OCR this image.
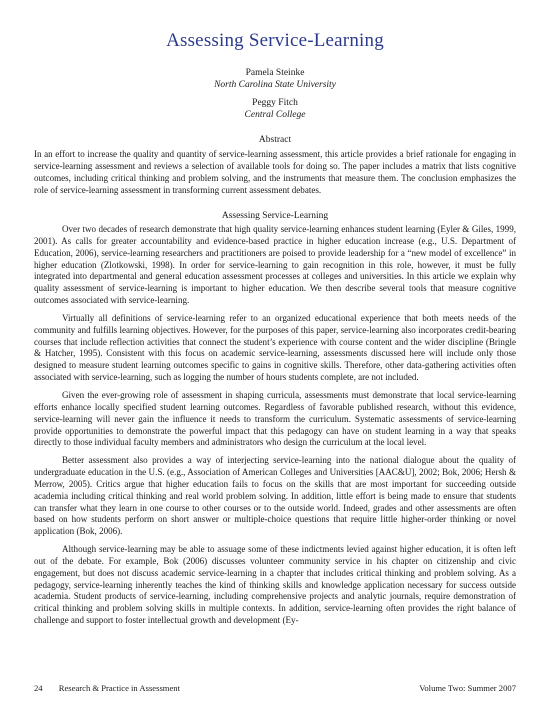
Assessing Service-Learning
Pamela Steinke
North Carolina State University
Peggy Fitch
Central College
Abstract

In an effort to increase the quality and quantity of service-learning assessment, this article provides a brief rationale for engaging in service-learning assessment and reviews a selection of available tools for doing so. The paper includes a matrix that lists cognitive outcomes, including critical thinking and problem solving, and the instruments that measure them. The conclusion emphasizes the role of service-learning assessment in transforming current assessment debates.

Assessing Service-Learning

Over two decades of research demonstrate that high quality service-learning enhances student learning (Eyler & Giles, 1999, 2001). As calls for greater accountability and evidence-based practice in higher education increase (e.g., U.S. Department of Education, 2006), service-learning researchers and practitioners are poised to provide leadership for a “new model of excellence” in higher education (Zlotkowski, 1998). In order for service-learning to gain recognition in this role, however, it must be fully integrated into departmental and general education assessment processes at colleges and universities. In this article we explain why quality assessment of service-learning is important to higher education. We then describe several tools that measure cognitive outcomes associated with service-learning.

Virtually all definitions of service-learning refer to an organized educational experience that both meets needs of the community and fulfills learning objectives. However, for the purposes of this paper, service-learning also incorporates credit-bearing courses that include reflection activities that connect the student’s experience with course content and the wider discipline (Bringle & Hatcher, 1995). Consistent with this focus on academic service-learning, assessments discussed here will include only those designed to measure student learning outcomes specific to gains in cognitive skills. Therefore, other data-gathering activities often associated with service-learning, such as logging the number of hours students complete, are not included.

Given the ever-growing role of assessment in shaping curricula, assessments must demonstrate that local service-learning efforts enhance locally specified student learning outcomes. Regardless of favorable published research, without this evidence, service-learning will never gain the influence it needs to transform the curriculum. Systematic assessments of service-learning provide opportunities to demonstrate the powerful impact that this pedagogy can have on student learning in a way that speaks directly to those individual faculty members and administrators who design the curriculum at the local level.

Better assessment also provides a way of interjecting service-learning into the national dialogue about the quality of undergraduate education in the U.S. (e.g., Association of American Colleges and Universities [AAC&U], 2002; Bok, 2006; Hersh & Merrow, 2005). Critics argue that higher education fails to focus on the skills that are most important for succeeding outside academia including critical thinking and real world problem solving. In addition, little effort is being made to ensure that students can transfer what they learn in one course to other courses or to the outside world. Indeed, grades and other assessments are often based on how students perform on short answer or multiple-choice questions that require little higher-order thinking or novel application (Bok, 2006).

Although service-learning may be able to assuage some of these indictments levied against higher education, it is often left out of the debate. For example, Bok (2006) discusses volunteer community service in his chapter on citizenship and civic engagement, but does not discuss academic service-learning in a chapter that includes critical thinking and problem solving. As a pedagogy, service-learning inherently teaches the kind of thinking skills and knowledge application necessary for success outside academia. Student products of service-learning, including comprehensive projects and analytic journals, require demonstration of critical thinking and problem solving skills in multiple contexts. In addition, service-learning often provides the right balance of challenge and support to foster intellectual growth and development (Ey-

24 Research & Practice in Assessment	Volume Two: Summer 2007
